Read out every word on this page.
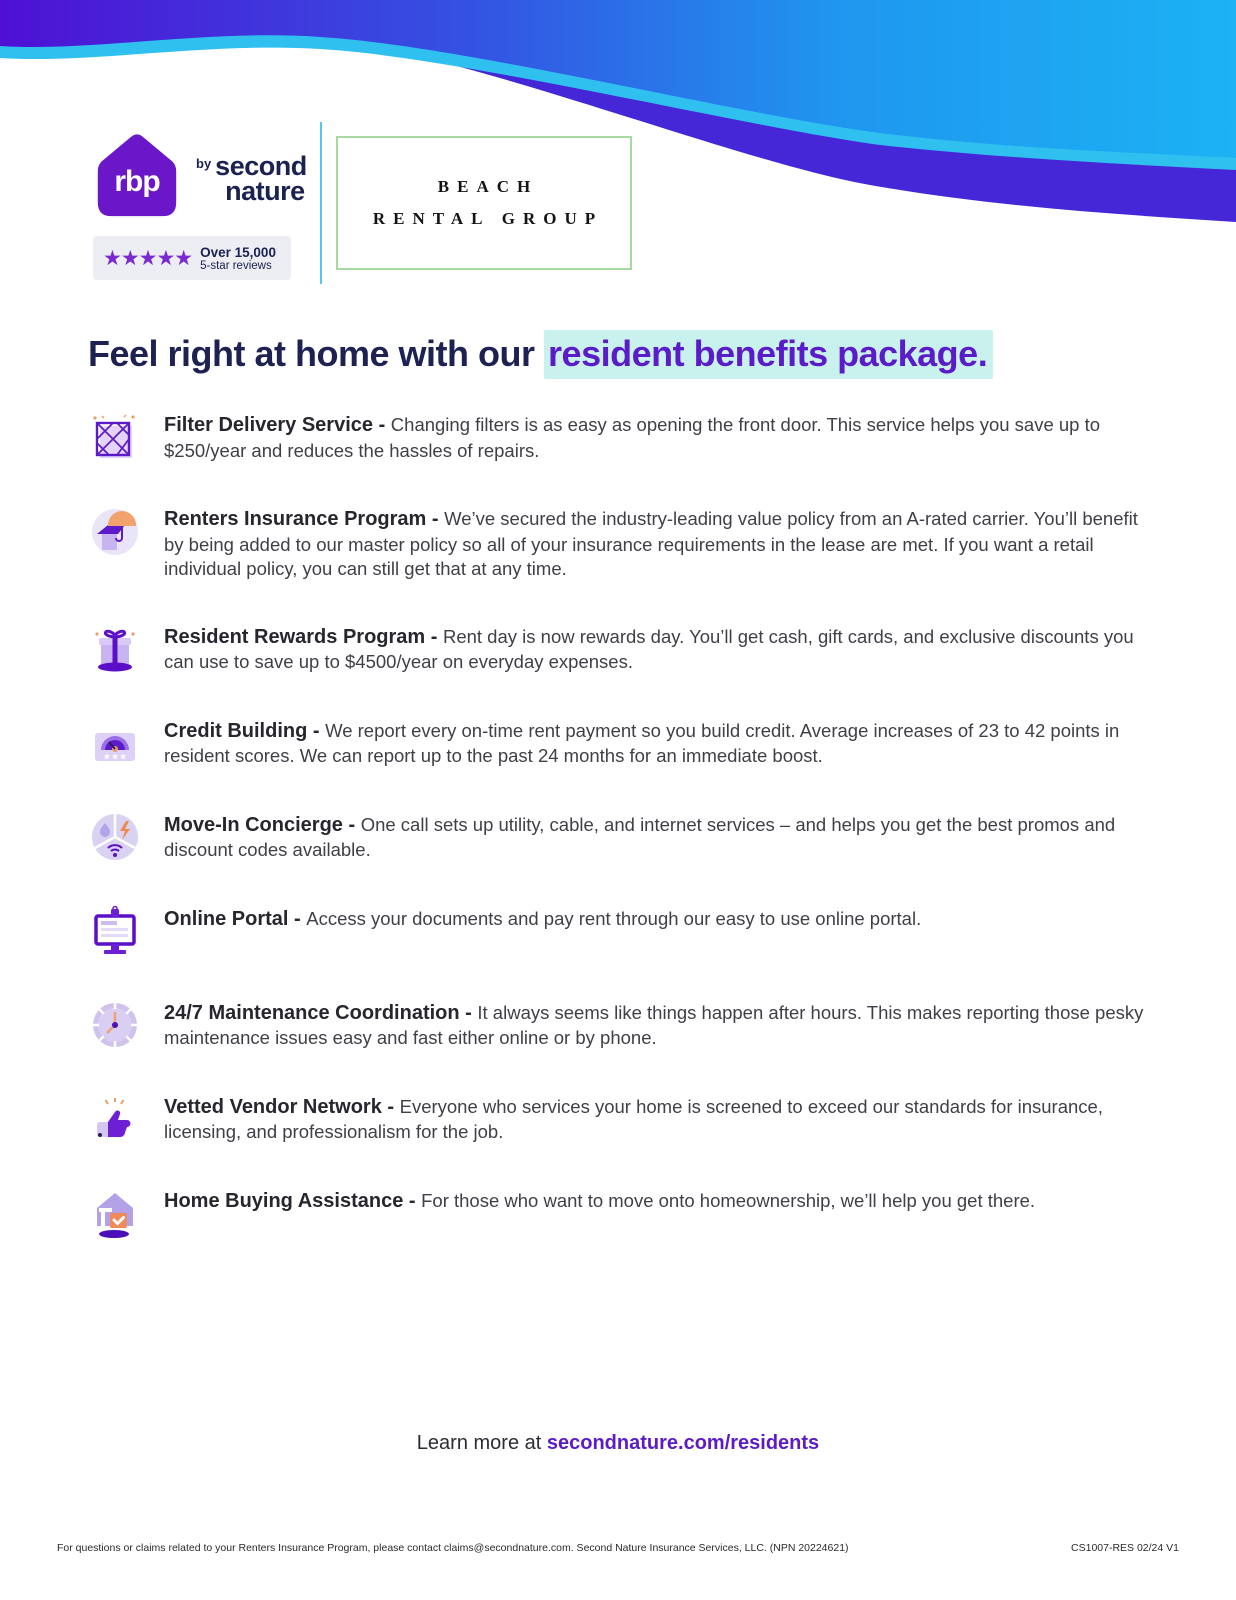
rbp
by second
nature
★★★★★ Over 15,000
5-star reviews
BEACH
RENTAL GROUP
Feel right at home with our resident benefits package.
Filter Delivery Service - Changing filters is as easy as opening the front door. This service helps you save up to $250/year and reduces the hassles of repairs.
Renters Insurance Program - We’ve secured the industry-leading value policy from an A-rated carrier. You’ll benefit by being added to our master policy so all of your insurance requirements in the lease are met. If you want a retail individual policy, you can still get that at any time.
Resident Rewards Program - Rent day is now rewards day. You’ll get cash, gift cards, and exclusive discounts you can use to save up to $4500/year on everyday expenses.
★★★
Credit Building - We report every on-time rent payment so you build credit. Average increases of 23 to 42 points in resident scores. We can report up to the past 24 months for an immediate boost.
Move-In Concierge - One call sets up utility, cable, and internet services – and helps you get the best promos and discount codes available.
Online Portal - Access your documents and pay rent through our easy to use online portal.
24/7 Maintenance Coordination - It always seems like things happen after hours. This makes reporting those pesky maintenance issues easy and fast either online or by phone.
Vetted Vendor Network - Everyone who services your home is screened to exceed our standards for insurance, licensing, and professionalism for the job.
Home Buying Assistance - For those who want to move onto homeownership, we’ll help you get there.
Learn more at secondnature.com/residents
For questions or claims related to your Renters Insurance Program, please contact claims@secondnature.com. Second Nature Insurance Services, LLC. (NPN 20224621)	CS1007-RES 02/24 V1
